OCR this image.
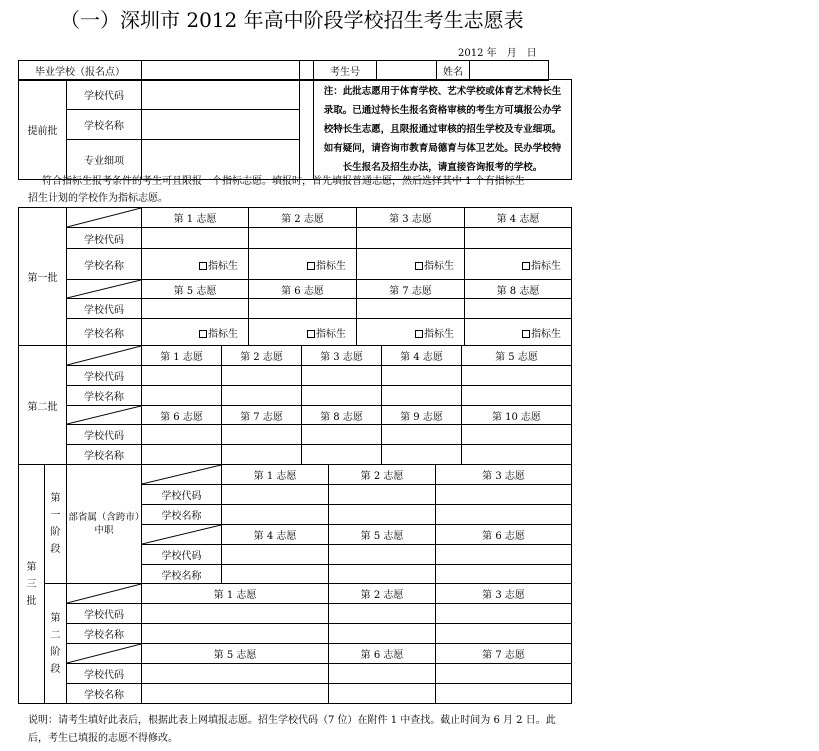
（一）深圳市 2012 年高中阶段学校招生考生志愿表
2012 年　月　日
毕业学校（报名点）			考生号		姓名	
提前批	学校代码			注：此批志愿用于体育学校、艺术学校或体育艺术特长生录取。已通过特长生报名资格审核的考生方可填报公办学校特长生志愿，且限报通过审核的招生学校及专业细项。如有疑问，请咨询市教育局德育与体卫艺处。民办学校特长生报名及招生办法，请直接咨询报考的学校。
	学校名称			
	专业细项			
符合指标生报考条件的考生可且限报一个指标志愿。填报时，首先填报普通志愿，然后选择其中 1 个有指标生
招生计划的学校作为指标志愿。
第一批		第 1 志愿	第 2 志愿	第 3 志愿	第 4 志愿
	学校代码				
	学校名称	指标生	指标生	指标生	指标生

	第 5 志愿	第 6 志愿	第 7 志愿	第 8 志愿
	学校代码				
	学校名称	指标生	指标生	指标生	指标生
第二批		第 1 志愿	第 2 志愿	第 3 志愿	第 4 志愿	第 5 志愿
	学校代码					
	学校名称					

	第 6 志愿	第 7 志愿	第 8 志愿	第 9 志愿	第 10 志愿
	学校代码					
	学校名称					
第
三
批	第
一
阶
段	部省属（含跨市）中职		第 1 志愿	第 2 志愿	第 3 志愿	
			学校代码				
			学校名称				

	第 4 志愿	第 5 志愿	第 6 志愿	
			学校代码				
			学校名称				
	第
二
阶
段		第 1 志愿		第 2 志愿	第 3 志愿	
		学校代码					
		学校名称					

	第 5 志愿		第 6 志愿	第 7 志愿	
		学校代码					
		学校名称					
说明：请考生填好此表后，根据此表上网填报志愿。招生学校代码（7 位）在附件 1 中查找。截止时间为 6 月 2 日。此
后，考生已填报的志愿不得修改。
